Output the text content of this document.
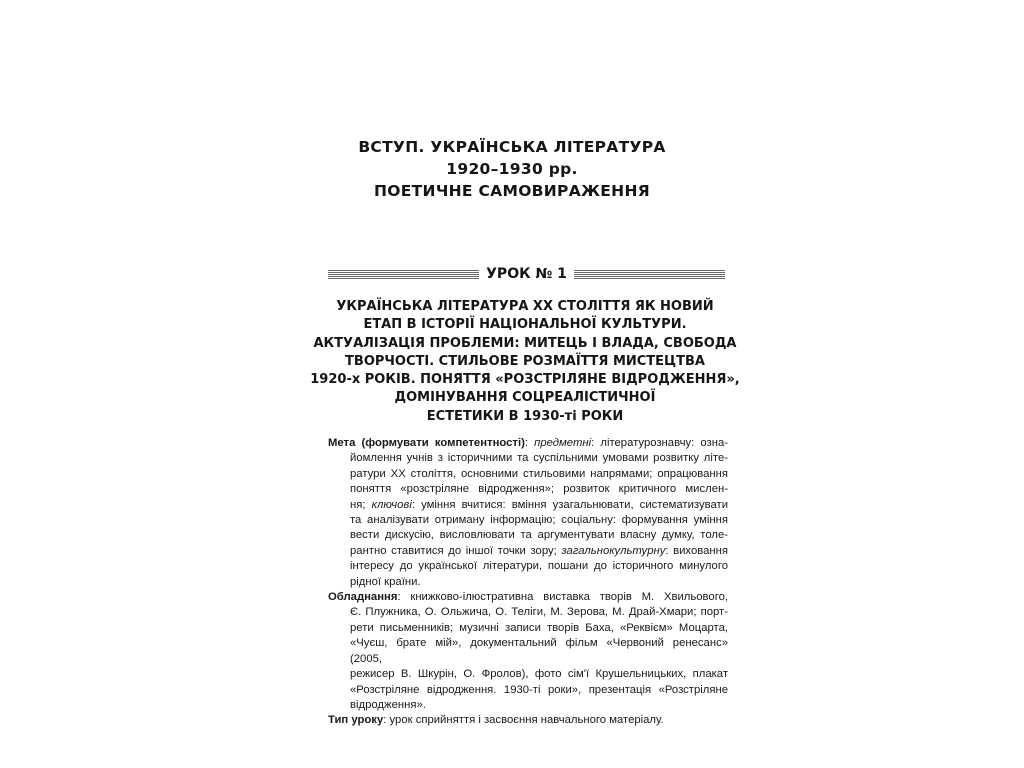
ВСТУП. УКРАЇНСЬКА ЛІТЕРАТУРА
1920–1930 рр.
ПОЕТИЧНЕ САМОВИРАЖЕННЯ
УРОК № 1
УКРАЇНСЬКА ЛІТЕРАТУРА XX СТОЛІТТЯ ЯК НОВИЙ
ЕТАП В ІСТОРІЇ НАЦІОНАЛЬНОЇ КУЛЬТУРИ.
АКТУАЛІЗАЦІЯ ПРОБЛЕМИ: МИТЕЦЬ І ВЛАДА, СВОБОДА
ТВОРЧОСТІ. СТИЛЬОВЕ РОЗМАЇТТЯ МИСТЕЦТВА
1920-х РОКІВ. ПОНЯТТЯ «РОЗСТРІЛЯНЕ ВІДРОДЖЕННЯ»,
ДОМІНУВАННЯ СОЦРЕАЛІСТИЧНОЇ
ЕСТЕТИКИ В 1930-ті РОКИ
Мета (формувати компетентності): предметні: літературознавчу: озна-
йомлення учнів з історичними та суспільними умовами розвитку літе-
ратури XX століття, основними стильовими напрямами; опрацювання
поняття «розстріляне відродження»; розвиток критичного мислен-
ня; ключові: уміння вчитися: вміння узагальнювати, систематизувати
та аналізувати отриману інформацію; соціальну: формування уміння
вести дискусію, висловлювати та аргументувати власну думку, толе-
рантно ставитися до іншої точки зору; загальнокультурну: виховання
інтересу до української літератури, пошани до історичного минулого
рідної країни.
Обладнання: книжково-ілюстративна виставка творів М. Хвильового,
Є. Плужника, О. Ольжича, О. Теліги, М. Зерова, М. Драй-Хмари; порт-
рети письменників; музичні записи творів Баха, «Реквієм» Моцарта,
«Чуєш, брате мій», документальний фільм «Червоний ренесанс» (2005,
режисер В. Шкурін, О. Фролов), фото сім'ї Крушельницьких, плакат
«Розстріляне відродження. 1930-ті роки», презентація «Розстріляне
відродження».
Тип уроку: урок сприйняття і засвоєння навчального матеріалу.
